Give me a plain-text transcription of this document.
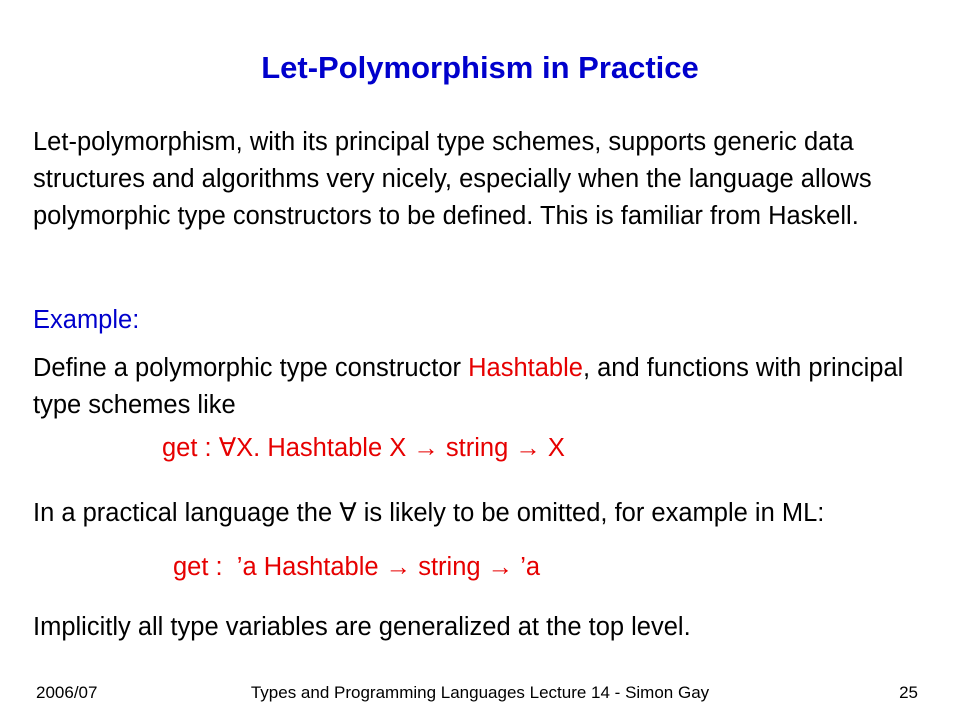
Let-Polymorphism in Practice

Let-polymorphism, with its principal type schemes, supports generic data structures and algorithms very nicely, especially when the language allows polymorphic type constructors to be defined. This is familiar from Haskell.

Example:

Define a polymorphic type constructor Hashtable, and functions with principal type schemes like

get : ∀X. Hashtable X → string → X

In a practical language the ∀ is likely to be omitted, for example in ML:

get :  ’a Hashtable → string → ’a

Implicitly all type variables are generalized at the top level.

2006/07	Types and Programming Languages Lecture 14 - Simon Gay	25
